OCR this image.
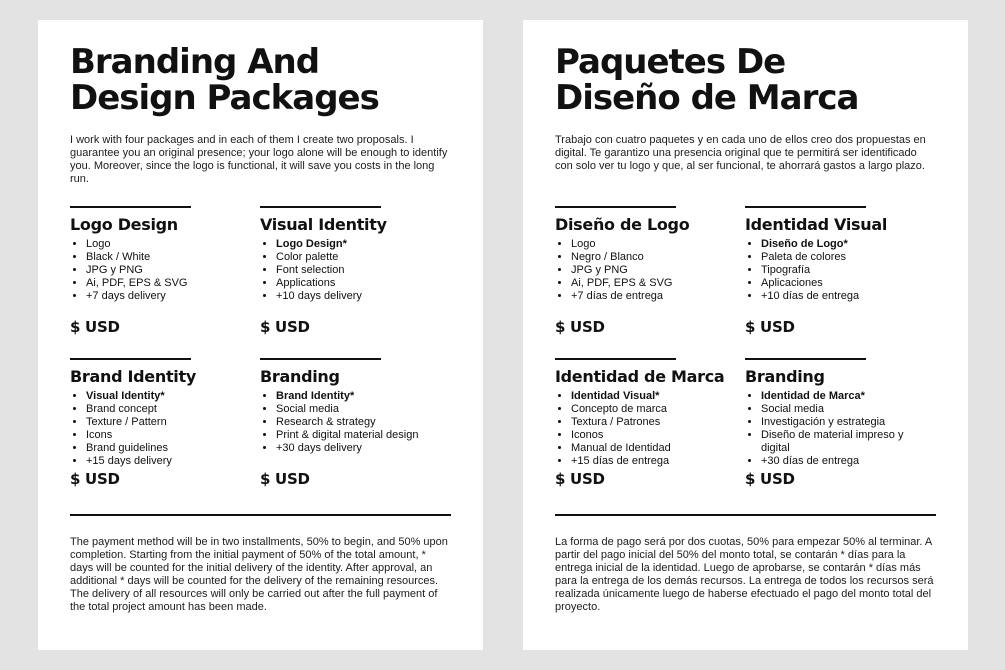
Branding And
Design Packages

I work with four packages and in each of them I create two proposals. I guarantee you an original presence; your logo alone will be enough to identify you. Moreover, since the logo is functional, it will save you costs in the long run.

Logo Design
• Logo
• Black / White
• JPG y PNG
• Ai, PDF, EPS & SVG
• +7 days delivery
$ USD
Visual Identity
• Logo Design*
• Color palette
• Font selection
• Applications
• +10 days delivery
$ USD
Brand Identity
• Visual Identity*
• Brand concept
• Texture / Pattern
• Icons
• Brand guidelines
• +15 days delivery
$ USD
Branding
• Brand Identity*
• Social media
• Research & strategy
• Print & digital material design
• +30 days delivery
$ USD

The payment method will be in two installments, 50% to begin, and 50% upon completion. Starting from the initial payment of 50% of the total amount, * days will be counted for the initial delivery of the identity. After approval, an additional * days will be counted for the delivery of the remaining resources. The delivery of all resources will only be carried out after the full payment of the total project amount has been made.

Paquetes De
Diseño de Marca

Trabajo con cuatro paquetes y en cada uno de ellos creo dos propuestas en digital. Te garantizo una presencia original que te permitirá ser identificado con solo ver tu logo y que, al ser funcional, te ahorrará gastos a largo plazo.

Diseño de Logo
• Logo
• Negro / Blanco
• JPG y PNG
• Ai, PDF, EPS & SVG
• +7 días de entrega
$ USD
Identidad Visual
• Diseño de Logo*
• Paleta de colores
• Tipografía
• Aplicaciones
• +10 días de entrega
$ USD
Identidad de Marca
• Identidad Visual*
• Concepto de marca
• Textura / Patrones
• Iconos
• Manual de Identidad
• +15 días de entrega
$ USD
Branding
• Identidad de Marca*
• Social media
• Investigación y estrategia
• Diseño de material impreso y digital
• +30 días de entrega
$ USD

La forma de pago será por dos cuotas, 50% para empezar 50% al terminar. A partir del pago inicial del 50% del monto total, se contarán * días para la entrega inicial de la identidad. Luego de aprobarse, se contarán * días más para la entrega de los demás recursos. La entrega de todos los recursos será realizada únicamente luego de haberse efectuado el pago del monto total del proyecto.
